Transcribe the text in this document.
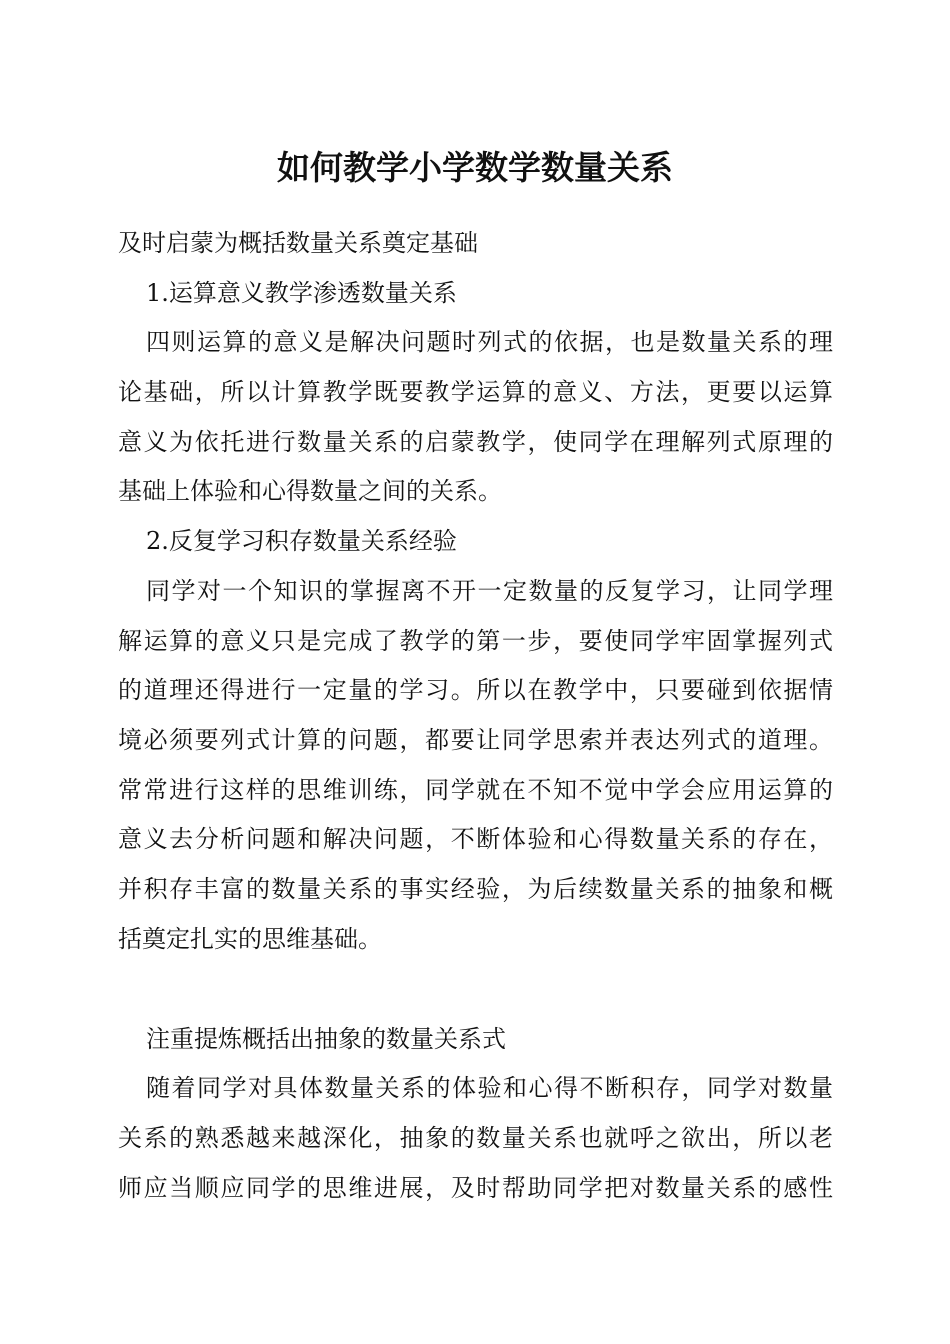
如何教学小学数学数量关系
及时启蒙为概括数量关系奠定基础
1.运算意义教学渗透数量关系
四则运算的意义是解决问题时列式的依据，也是数量关系的理
论基础，所以计算教学既要教学运算的意义、方法，更要以运算
意义为依托进行数量关系的启蒙教学，使同学在理解列式原理的
基础上体验和心得数量之间的关系。
2.反复学习积存数量关系经验
同学对一个知识的掌握离不开一定数量的反复学习，让同学理
解运算的意义只是完成了教学的第一步，要使同学牢固掌握列式
的道理还得进行一定量的学习。所以在教学中，只要碰到依据情
境必须要列式计算的问题，都要让同学思索并表达列式的道理。
常常进行这样的思维训练，同学就在不知不觉中学会应用运算的
意义去分析问题和解决问题，不断体验和心得数量关系的存在，
并积存丰富的数量关系的事实经验，为后续数量关系的抽象和概
括奠定扎实的思维基础。
注重提炼概括出抽象的数量关系式
随着同学对具体数量关系的体验和心得不断积存，同学对数量
关系的熟悉越来越深化，抽象的数量关系也就呼之欲出，所以老
师应当顺应同学的思维进展，及时帮助同学把对数量关系的感性
